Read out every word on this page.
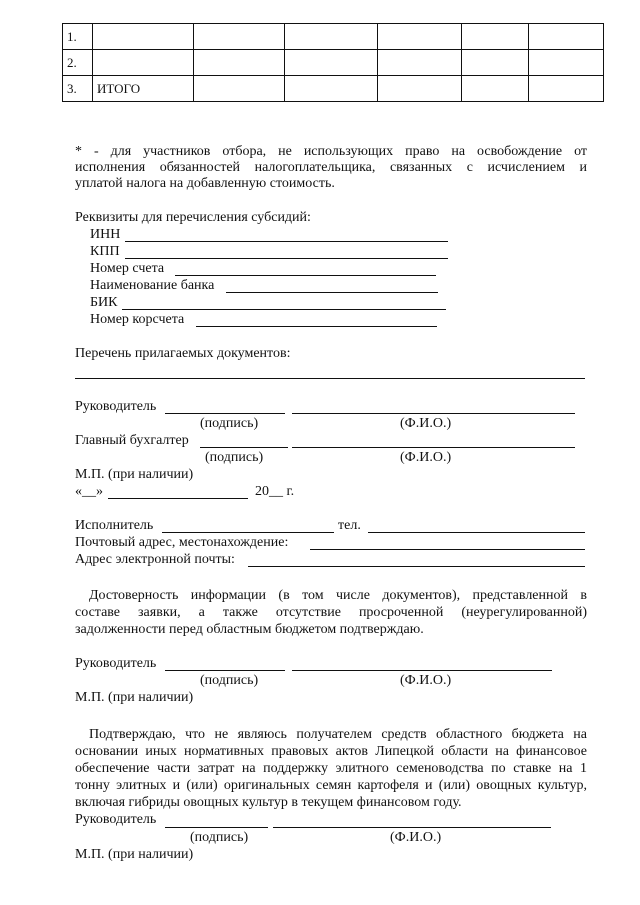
1.						
2.						
3.	ИТОГО					
* - для участников отбора, не использующих право на освобождение от
исполнения обязанностей налогоплательщика, связанных с исчислением и
уплатой налога на добавленную стоимость.
Реквизиты для перечисления субсидий:
ИНН
КПП
Номер счета
Наименование банка
БИК
Номер корсчета
Перечень прилагаемых документов:
Руководитель
(подпись)	(Ф.И.О.)
Главный бухгалтер
(подпись)	(Ф.И.О.)
М.П. (при наличии)
«__»	20__ г.
Исполнитель	тел.
Почтовый адрес, местонахождение:
Адрес электронной почты:
Достоверность информации (в том числе документов), представленной в
составе заявки, а также отсутствие просроченной (неурегулированной)
задолженности перед областным бюджетом подтверждаю.
Руководитель
(подпись)	(Ф.И.О.)
М.П. (при наличии)
Подтверждаю, что не являюсь получателем средств областного бюджета на
основании иных нормативных правовых актов Липецкой области на финансовое
обеспечение части затрат на поддержку элитного семеноводства по ставке на 1
тонну элитных и (или) оригинальных семян картофеля и (или) овощных культур,
включая гибриды овощных культур в текущем финансовом году.
Руководитель
(подпись)	(Ф.И.О.)
М.П. (при наличии)
